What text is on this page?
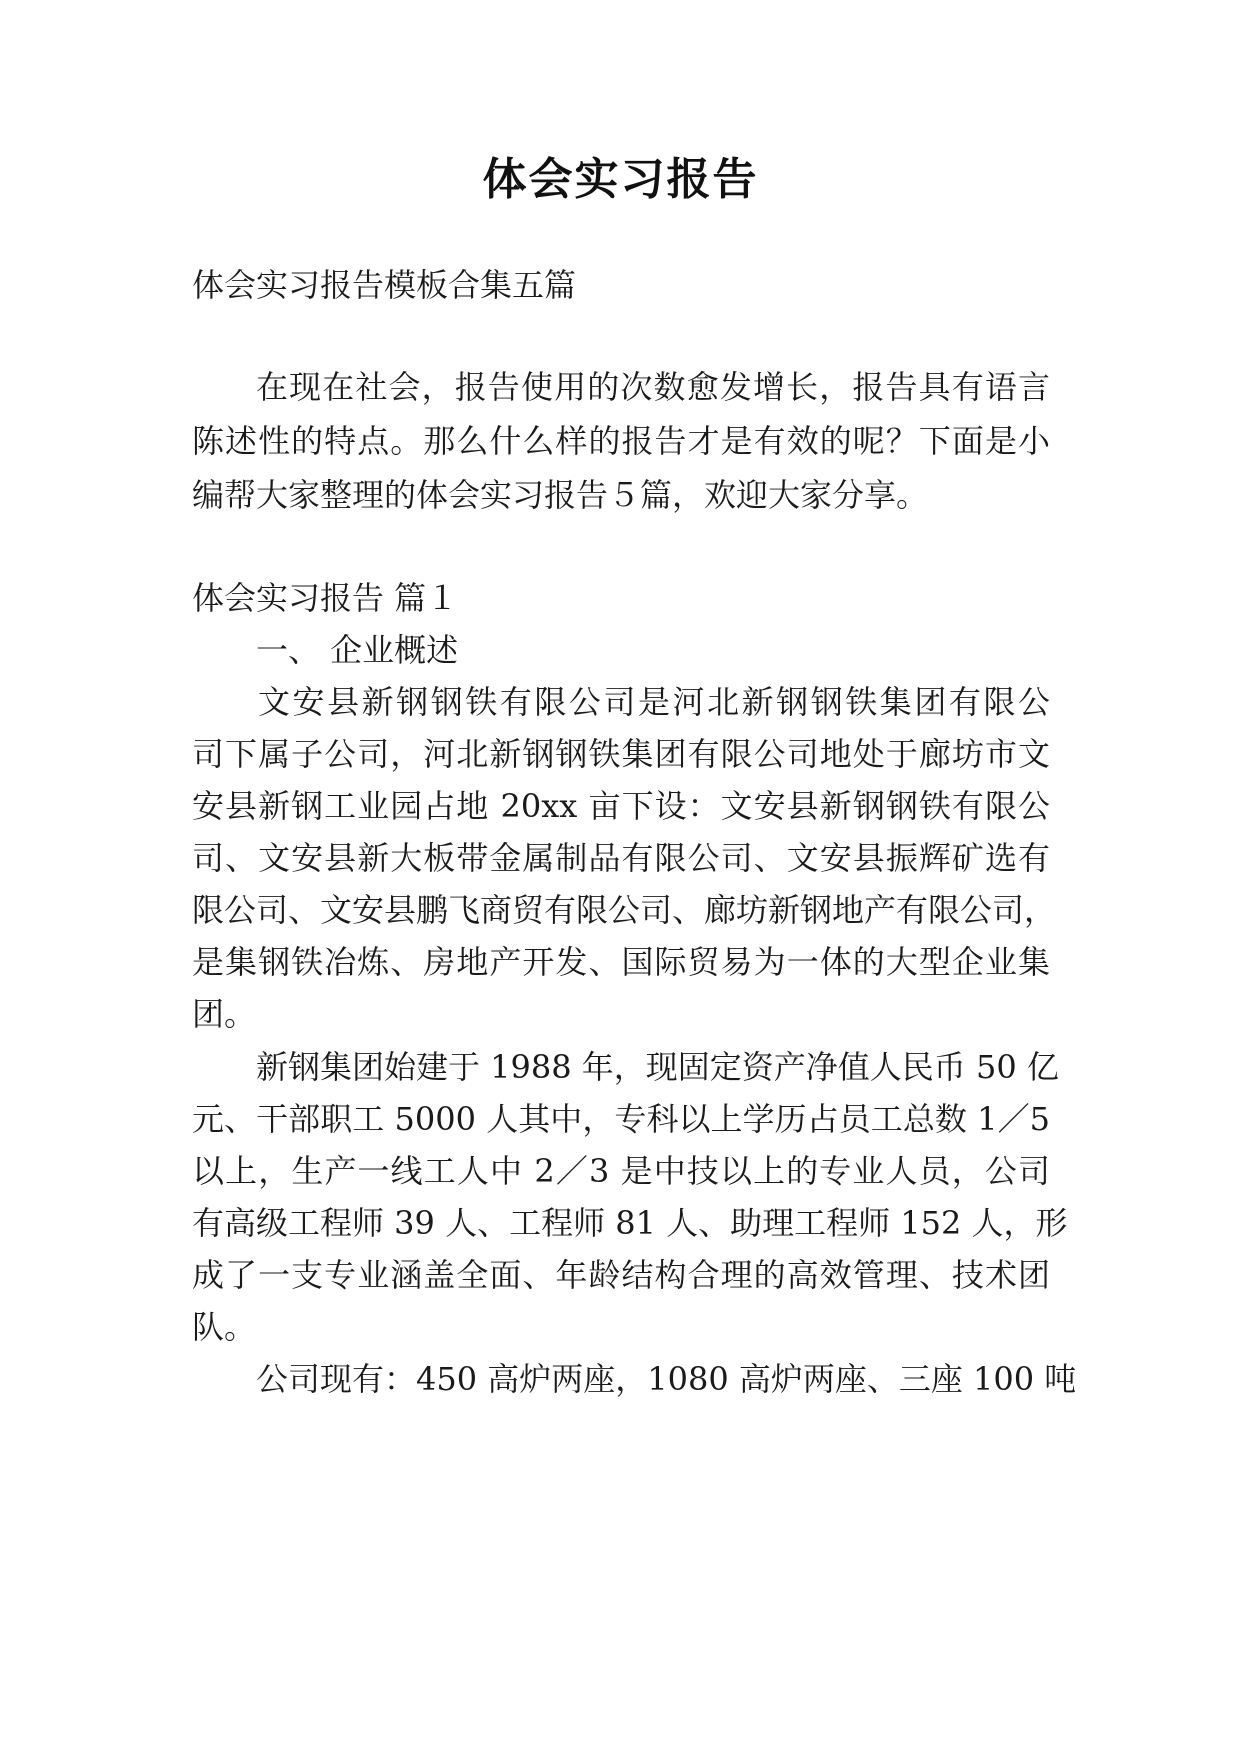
体会实习报告
体会实习报告模板合集五篇
在现在社会，报告使用的次数愈发增长，报告具有语言
陈述性的特点。那么什么样的报告才是有效的呢？下面是小
编帮大家整理的体会实习报告５篇，欢迎大家分享。
体会实习报告 篇１
一、 企业概述
文安县新钢钢铁有限公司是河北新钢钢铁集团有限公
司下属子公司，河北新钢钢铁集团有限公司地处于廊坊市文
安县新钢工业园占地 20xx 亩下设：文安县新钢钢铁有限公
司、文安县新大板带金属制品有限公司、文安县振辉矿选有
限公司、文安县鹏飞商贸有限公司、廊坊新钢地产有限公司，
是集钢铁冶炼、房地产开发、国际贸易为一体的大型企业集
团。
新钢集团始建于 1988 年，现固定资产净值人民币 50 亿
元、干部职工 5000 人其中，专科以上学历占员工总数 1／5
以上，生产一线工人中 2／3 是中技以上的专业人员，公司
有高级工程师 39 人、工程师 81 人、助理工程师 152 人，形
成了一支专业涵盖全面、年龄结构合理的高效管理、技术团
队。
公司现有：450 高炉两座，1080 高炉两座、三座 100 吨
